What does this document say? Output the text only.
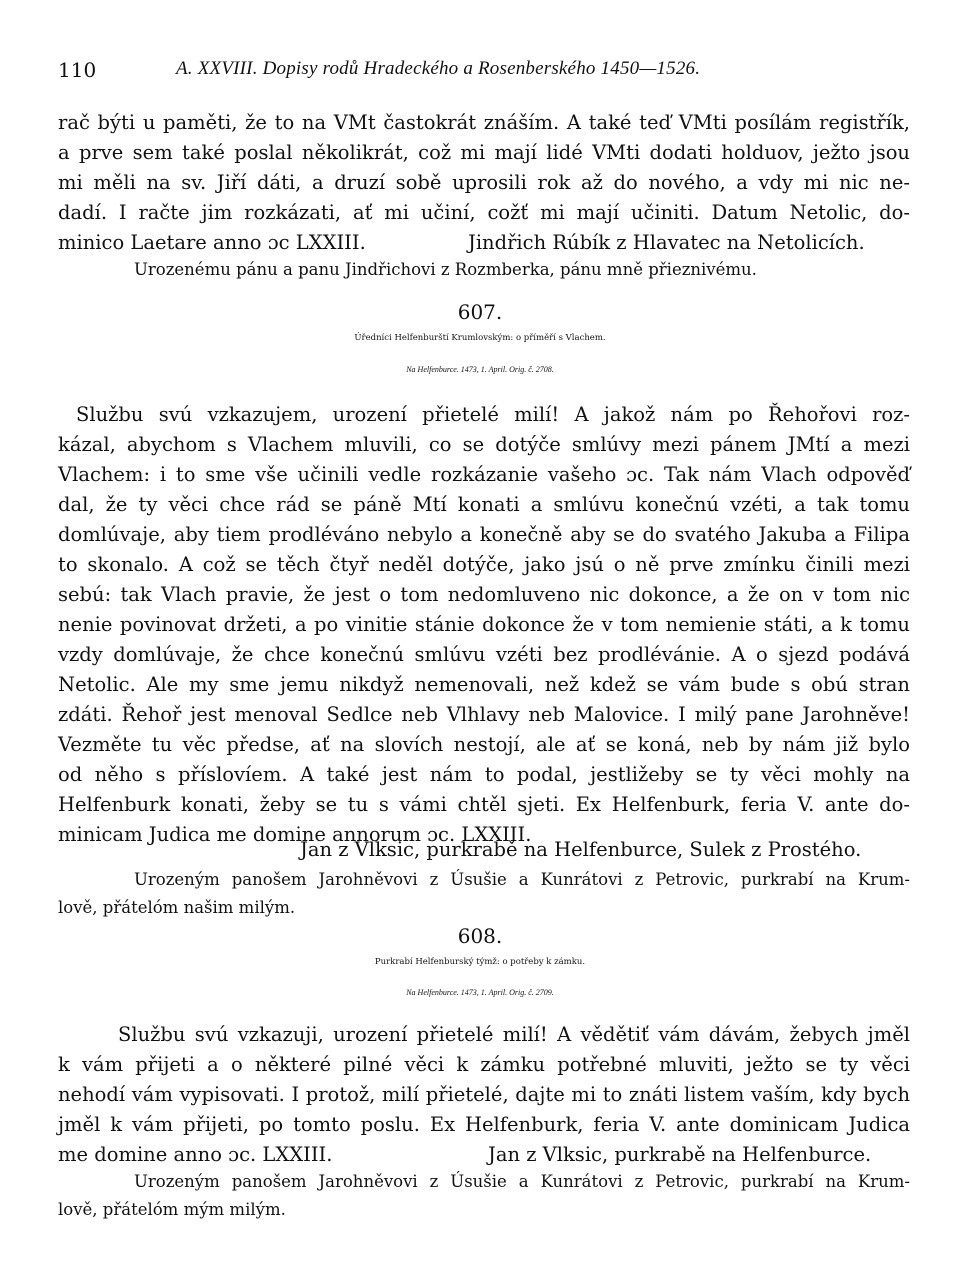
110	A. XXVIII. Dopisy rodů Hradeckého a Rosenberského 1450—1526.
rač býti u paměti, že to na VMt častokrát znáším. A také teď VMti posílám registřík,
a prve sem také poslal několikrát, což mi mají lidé VMti dodati holduov, ježto jsou
mi měli na sv. Jiří dáti, a druzí sobě uprosili rok až do nového, a vdy mi nic ne-
dadí. I račte jim rozkázati, ať mi učiní, cožť mi mají učiniti. Datum Netolic, do-
minico Laetare anno ɔc LXXIII.	Jindřich Rúbík z Hlavatec na Netolicích.
Urozenému pánu a panu Jindřichovi z Rozmberka, pánu mně přieznivému.
607.
Úředníci Helfenburští Krumlovským: o příměří s Vlachem.
Na Helfenburce. 1473, 1. April. Orig. č. 2708.
Službu svú vzkazujem, urození přietelé milí! A jakož nám po Řehořovi roz-
kázal, abychom s Vlachem mluvili, co se dotýče smlúvy mezi pánem JMtí a mezi
Vlachem: i to sme vše učinili vedle rozkázanie vašeho ɔc. Tak nám Vlach odpověď
dal, že ty věci chce rád se páně Mtí konati a smlúvu konečnú vzéti, a tak tomu
domlúvaje, aby tiem prodléváno nebylo a konečně aby se do svatého Jakuba a Filipa
to skonalo. A což se těch čtyř neděl dotýče, jako jsú o ně prve zmínku činili mezi
sebú: tak Vlach pravie, že jest o tom nedomluveno nic dokonce, a že on v tom nic
nenie povinovat držeti, a po vinitie stánie dokonce že v tom nemienie státi, a k tomu
vzdy domlúvaje, že chce konečnú smlúvu vzéti bez prodlévánie. A o sjezd podává
Netolic. Ale my sme jemu nikdyž nemenovali, než kdež se vám bude s obú stran
zdáti. Řehoř jest menoval Sedlce neb Vlhlavy neb Malovice. I milý pane Jarohněve!
Vezměte tu věc předse, ať na slovích nestojí, ale ať se koná, neb by nám již bylo
od něho s příslovíem. A také jest nám to podal, jestližeby se ty věci mohly na
Helfenburk konati, žeby se tu s vámi chtěl sjeti. Ex Helfenburk, feria V. ante do-
minicam Judica me domine annorum ɔc. LXXIII.
Jan z Vlksic, purkrabě na Helfenburce, Sulek z Prostého.
Urozeným panošem Jarohněvovi z Úsušie a Kunrátovi z Petrovic, purkrabí na Krum-
lově, přátelóm našim milým.
608.
Purkrabí Helfenburský týmž: o potřeby k zámku.
Na Helfenburce. 1473, 1. April. Orig. č. 2709.
Službu svú vzkazuji, urození přietelé milí! A vědětiť vám dávám, žebych jměl
k vám přijeti a o některé pilné věci k zámku potřebné mluviti, ježto se ty věci
nehodí vám vypisovati. I protož, milí přietelé, dajte mi to znáti listem vaším, kdy bych
jměl k vám přijeti, po tomto poslu. Ex Helfenburk, feria V. ante dominicam Judica
me domine anno ɔc. LXXIII.	Jan z Vlksic, purkrabě na Helfenburce.
Urozeným panošem Jarohněvovi z Úsušie a Kunrátovi z Petrovic, purkrabí na Krum-
lově, přátelóm mým milým.
